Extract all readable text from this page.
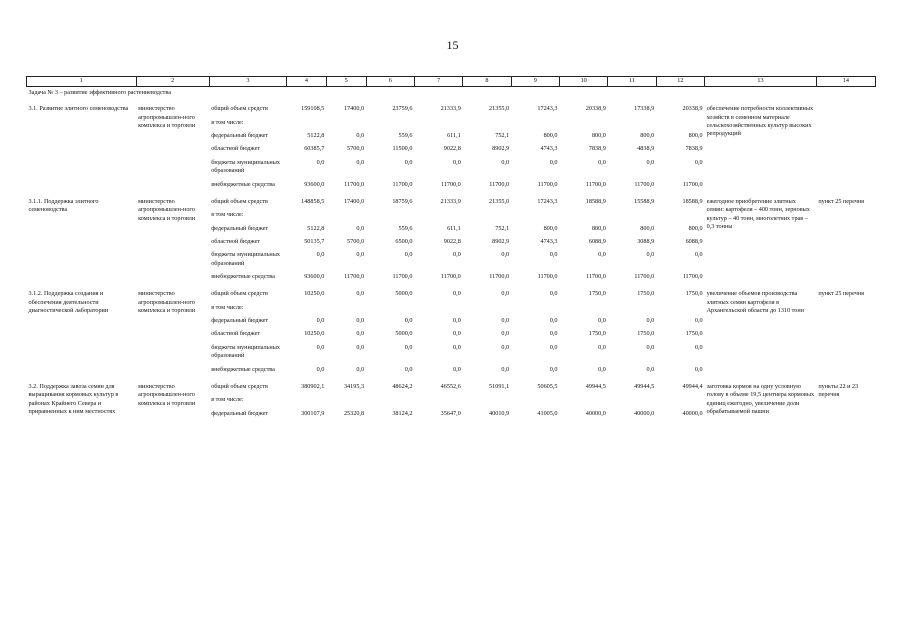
15
1	2	3	4	5	6	7	8	9	10	11	12	13	14
Задача № 3 – развитие эффективного растениеводства													
3.1. Развитие элитного семеноводства	министерство агропромышлен-ного комплекса и торговли	общий объем средств	159108,5	17400,0	23759,6	21333,9	21355,0	17243,3	20338,9	17338,9	20338,9	обеспечение потребности коллективных хозяйств в семенном материале сельскохозяйственных культур высоких репродукций	
		в том числе:											
		федеральный бюджет	5122,8	0,0	559,6	611,1	752,1	800,0	800,0	800,0	800,0		
		областной бюджет	60385,7	5700,0	11500,0	9022,8	8902,9	4743,3	7838,9	4838,9	7838,9		
		бюджеты муниципальных образований	0,0	0,0	0,0	0,0	0,0	0,0	0,0	0,0	0,0		
		внебюджетные средства	93600,0	11700,0	11700,0	11700,0	11700,0	11700,0	11700,0	11700,0	11700,0		

3.1.1. Поддержка элитного семеноводства	министерство агропромышлен-ного комплекса и торговли	общий объем средств	148858,5	17400,0	18759,6	21333,9	21355,0	17243,3	18588,9	15588,9	18588,9	ежегодное приобретение элитных семян: картофеля – 400 тонн, зерновых культур – 40 тонн, многолетних трав – 0,3 тонны	пункт 25 перечня
		в том числе:											
		федеральный бюджет	5122,8	0,0	559,6	611,1	752,1	800,0	800,0	800,0	800,0		
		областной бюджет	50135,7	5700,0	6500,0	9022,8	8902,9	4743,3	6088,9	3088,9	6088,9		
		бюджеты муниципальных образований	0,0	0,0	0,0	0,0	0,0	0,0	0,0	0,0	0,0		
		внебюджетные средства	93600,0	11700,0	11700,0	11700,0	11700,0	11700,0	11700,0	11700,0	11700,0		

3.1.2. Поддержка создания и обеспечения деятельности диагностической лаборатории	министерство агропромышлен-ного комплекса и торговли	общий объем средств	10250,0	0,0	5000,0	0,0	0,0	0,0	1750,0	1750,0	1750,0	увеличение объемов производства элитных семян картофеля в Архангельской области до 1310 тонн	пункт 25 перечня
		в том числе:											
		федеральный бюджет	0,0	0,0	0,0	0,0	0,0	0,0	0,0	0,0	0,0		
		областной бюджет	10250,0	0,0	5000,0	0,0	0,0	0,0	1750,0	1750,0	1750,0		
		бюджеты муниципальных образований	0,0	0,0	0,0	0,0	0,0	0,0	0,0	0,0	0,0		
		внебюджетные средства	0,0	0,0	0,0	0,0	0,0	0,0	0,0	0,0	0,0		

3.2. Поддержка завоза семян для выращивания кормовых культур в районах Крайнего Севера и приравненных к ним местностях	министерство агропромышлен-ного комплекса и торговли	общий объем средств	380902,1	34195,3	48624,2	46552,6	51091,1	50605,5	49944,5	49944,5	49944,4	заготовка кормов на одну условную голову в объеме 19,5 центнера кормовых единиц ежегодно, увеличение доли обрабатываемой пашни	пункты 22 и 23 перечня
		в том числе:											
		федеральный бюджет	300107,9	25320,8	38124,2	35647,0	40010,9	41005,0	40000,0	40000,0	40000,0		
